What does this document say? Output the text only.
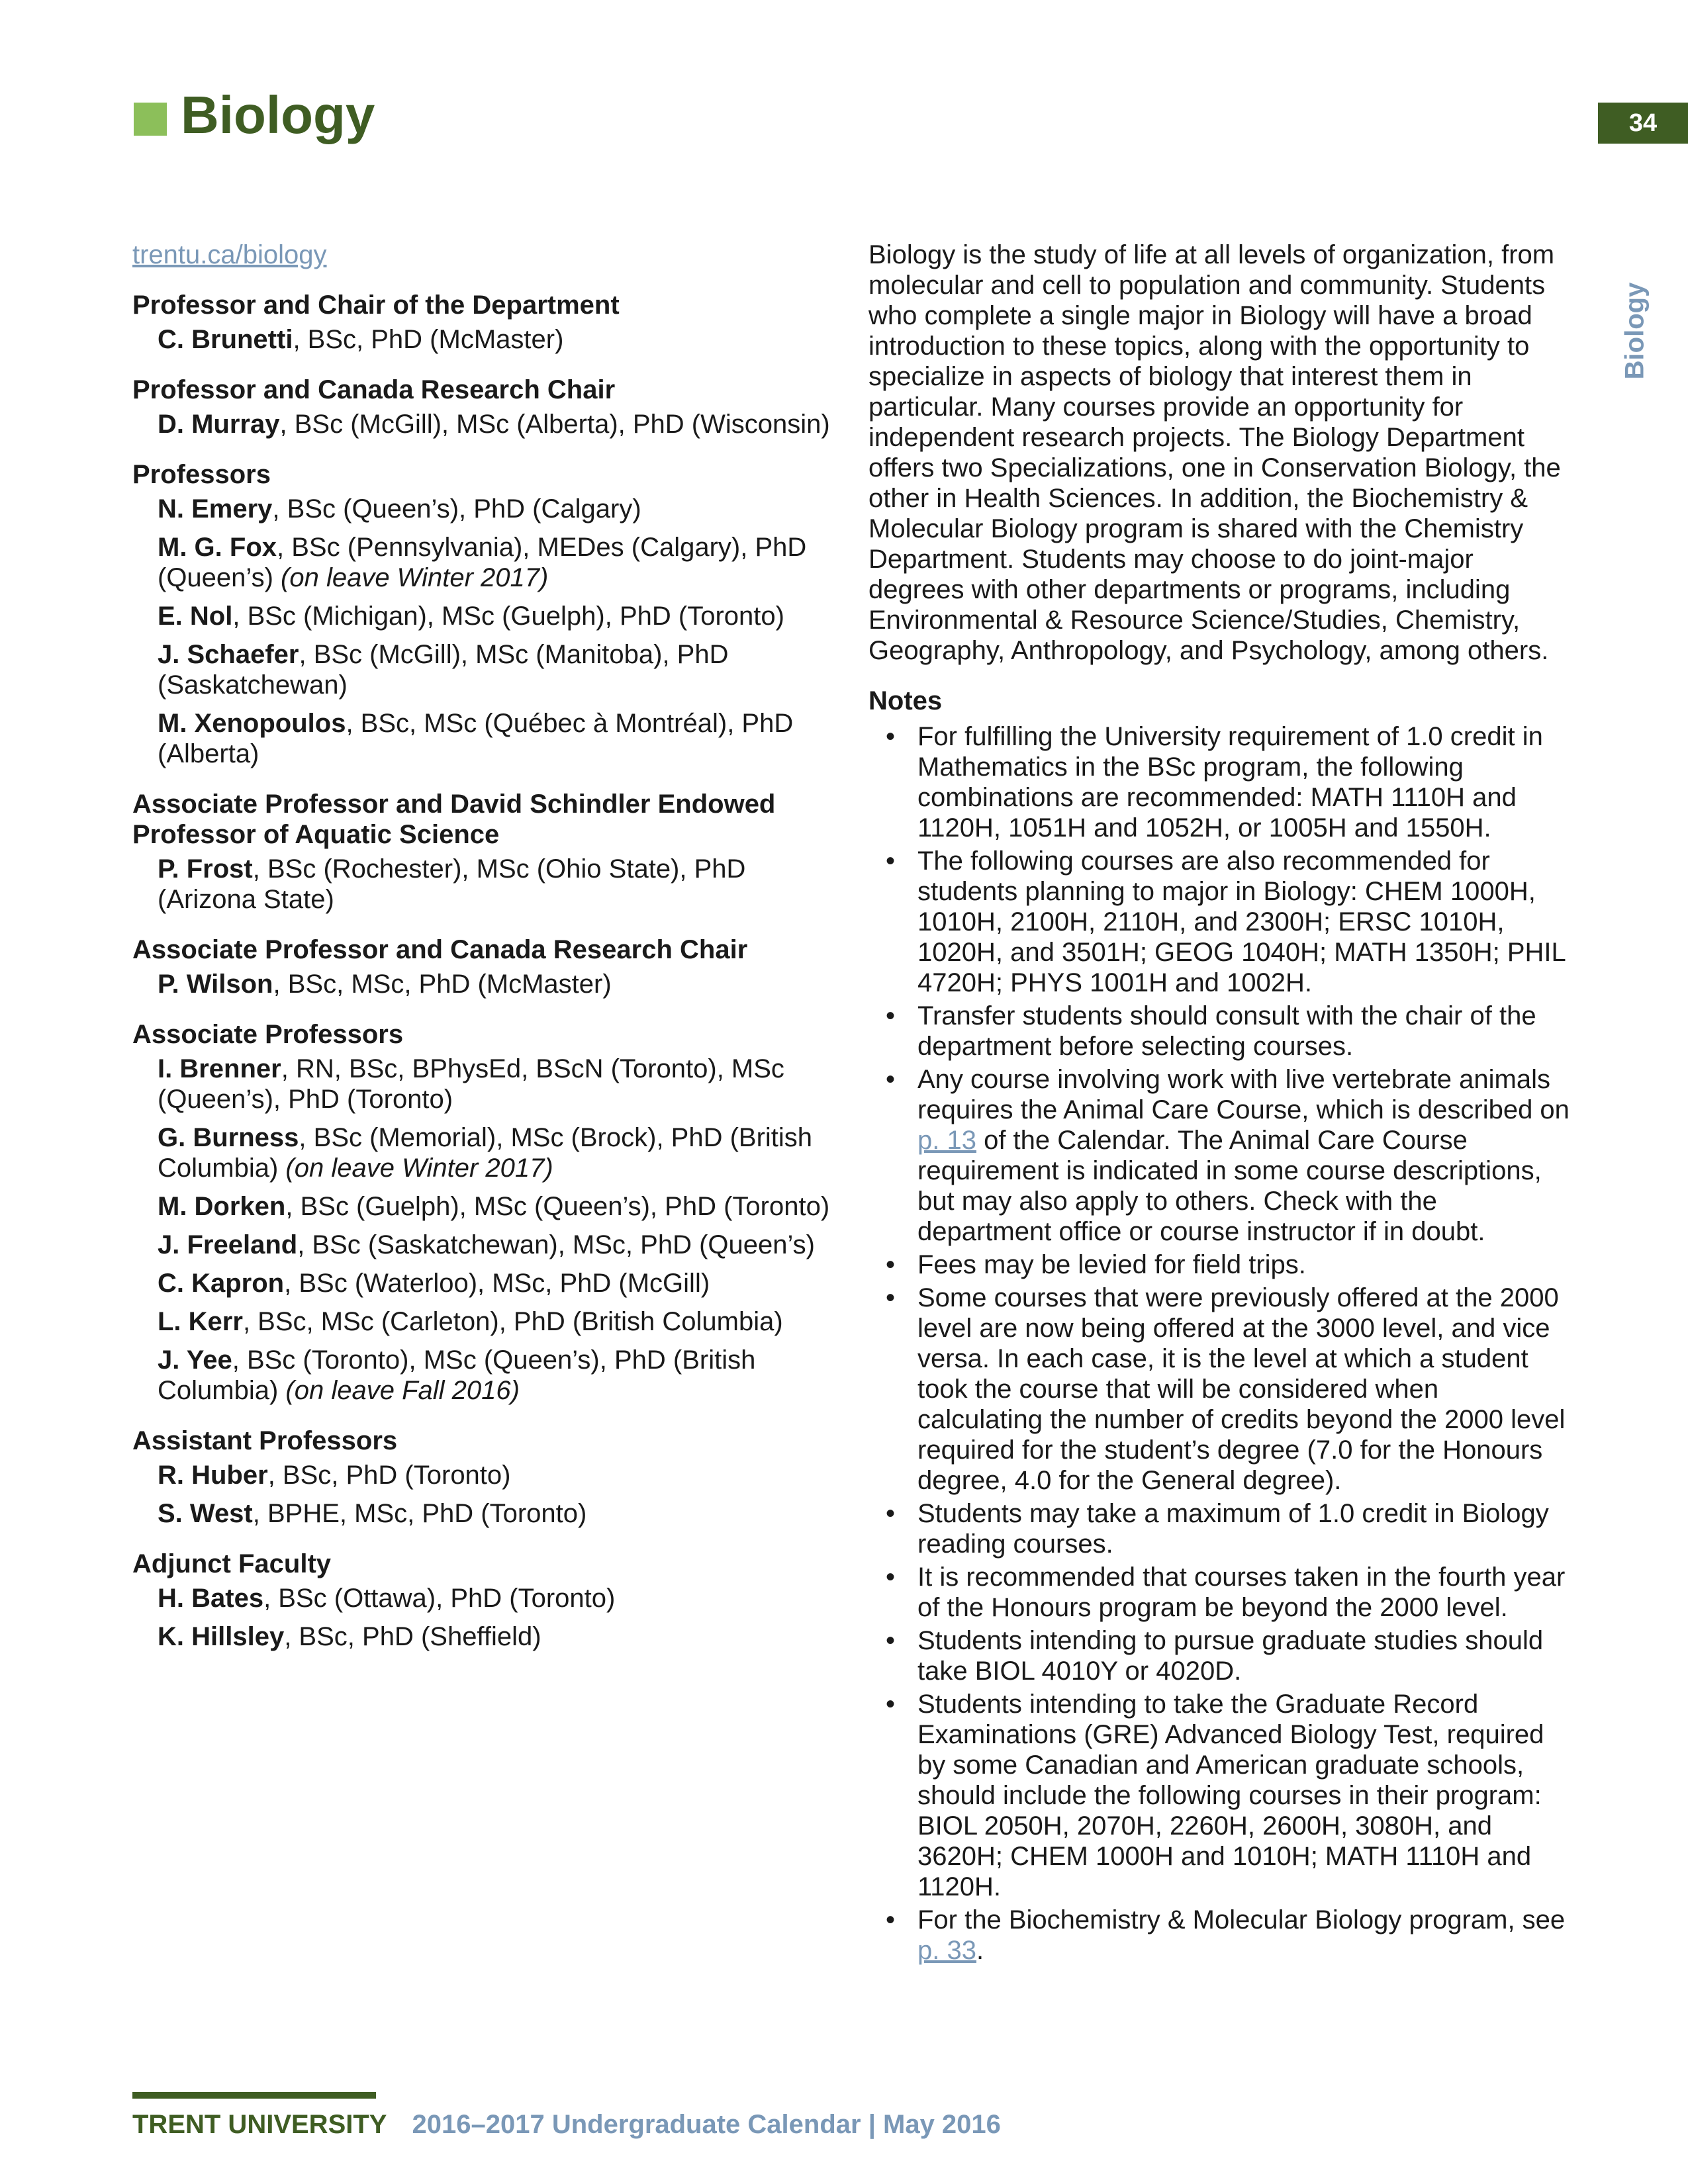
Biology	34
Biology
trentu.ca/biology
Professor and Chair of the Department
C. Brunetti, BSc, PhD (McMaster)
Professor and Canada Research Chair
D. Murray, BSc (McGill), MSc (Alberta), PhD (Wisconsin)
Professors
N. Emery, BSc (Queen’s), PhD (Calgary)
M. G. Fox, BSc (Pennsylvania), MEDes (Calgary), PhD (Queen’s) (on leave Winter 2017)
E. Nol, BSc (Michigan), MSc (Guelph), PhD (Toronto)
J. Schaefer, BSc (McGill), MSc (Manitoba), PhD (Saskatchewan)
M. Xenopoulos, BSc, MSc (Québec à Montréal), PhD (Alberta)
Associate Professor and David Schindler Endowed Professor of Aquatic Science
P. Frost, BSc (Rochester), MSc (Ohio State), PhD (Arizona State)
Associate Professor and Canada Research Chair
P. Wilson, BSc, MSc, PhD (McMaster)
Associate Professors
I. Brenner, RN, BSc, BPhysEd, BScN (Toronto), MSc (Queen’s), PhD (Toronto)
G. Burness, BSc (Memorial), MSc (Brock), PhD (British Columbia) (on leave Winter 2017)
M. Dorken, BSc (Guelph), MSc (Queen’s), PhD (Toronto)
J. Freeland, BSc (Saskatchewan), MSc, PhD (Queen’s)
C. Kapron, BSc (Waterloo), MSc, PhD (McGill)
L. Kerr, BSc, MSc (Carleton), PhD (British Columbia)
J. Yee, BSc (Toronto), MSc (Queen’s), PhD (British Columbia) (on leave Fall 2016)
Assistant Professors
R. Huber, BSc, PhD (Toronto)
S. West, BPHE, MSc, PhD (Toronto)
Adjunct Faculty
H. Bates, BSc (Ottawa), PhD (Toronto)
K. Hillsley, BSc, PhD (Sheffield)

Biology is the study of life at all levels of organization, from molecular and cell to population and community. Students who complete a single major in Biology will have a broad introduction to these topics, along with the opportunity to specialize in aspects of biology that interest them in particular. Many courses provide an opportunity for independent research projects. The Biology Department offers two Specializations, one in Conservation Biology, the other in Health Sciences. In addition, the Biochemistry & Molecular Biology program is shared with the Chemistry Department. Students may choose to do joint-major degrees with other departments or programs, including Environmental & Resource Science/Studies, Chemistry, Geography, Anthropology, and Psychology, among others.

Notes
• For fulfilling the University requirement of 1.0 credit in Mathematics in the BSc program, the following combinations are recommended: MATH 1110H and 1120H, 1051H and 1052H, or 1005H and 1550H.
• The following courses are also recommended for students planning to major in Biology: CHEM 1000H, 1010H, 2100H, 2110H, and 2300H; ERSC 1010H, 1020H, and 3501H; GEOG 1040H; MATH 1350H; PHIL 4720H; PHYS 1001H and 1002H.
• Transfer students should consult with the chair of the department before selecting courses.
• Any course involving work with live vertebrate animals requires the Animal Care Course, which is described on p. 13 of the Calendar. The Animal Care Course requirement is indicated in some course descriptions, but may also apply to others. Check with the department office or course instructor if in doubt.
• Fees may be levied for field trips.
• Some courses that were previously offered at the 2000 level are now being offered at the 3000 level, and vice versa. In each case, it is the level at which a student took the course that will be considered when calculating the number of credits beyond the 2000 level required for the student’s degree (7.0 for the Honours degree, 4.0 for the General degree).
• Students may take a maximum of 1.0 credit in Biology reading courses.
• It is recommended that courses taken in the fourth year of the Honours program be beyond the 2000 level.
• Students intending to pursue graduate studies should take BIOL 4010Y or 4020D.
• Students intending to take the Graduate Record Examinations (GRE) Advanced Biology Test, required by some Canadian and American graduate schools, should include the following courses in their program: BIOL 2050H, 2070H, 2260H, 2600H, 3080H, and 3620H; CHEM 1000H and 1010H; MATH 1110H and 1120H.
• For the Biochemistry & Molecular Biology program, see p. 33.
TRENT UNIVERSITY 2016–2017 Undergraduate Calendar | May 2016
